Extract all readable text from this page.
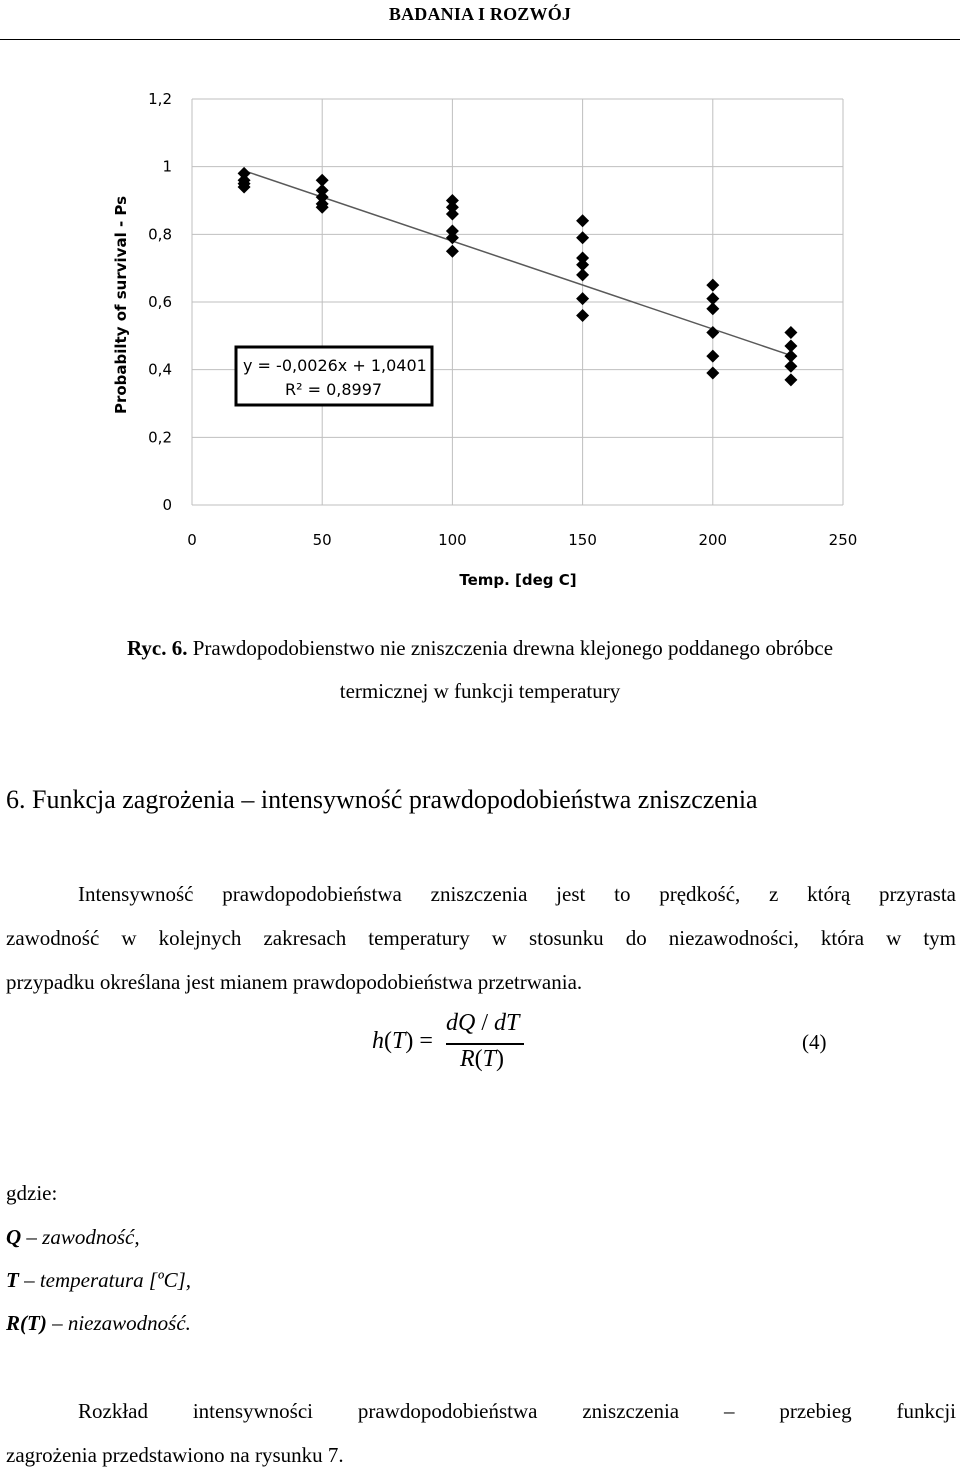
BADANIA I ROZWÓJ
0	50	100	150	200	250
0
0,2
0,4
0,6
0,8
1
1,2
y = -0,0026x + 1,0401
R² = 0,8997
Probabilty of survival - Ps
Temp. [deg C]
Ryc. 6. Prawdopodobienstwo nie zniszczenia drewna klejonego poddanego obróbce
termicznej w funkcji temperatury
6. Funkcja zagrożenia – intensywność prawdopodobieństwa zniszczenia
Intensywność prawdopodobieństwa zniszczenia jest to prędkość, z którą przyrasta
zawodność w kolejnych zakresach temperatury w stosunku do niezawodności, która w tym
przypadku określana jest mianem prawdopodobieństwa przetrwania.
h(T) =
dQ / dT
R(T)
(4)
gdzie:
Q – zawodność,
T – temperatura [ºC],
R(T) – niezawodność.
Rozkład intensywności prawdopodobieństwa zniszczenia – przebieg funkcji
zagrożenia przedstawiono na rysunku 7.
